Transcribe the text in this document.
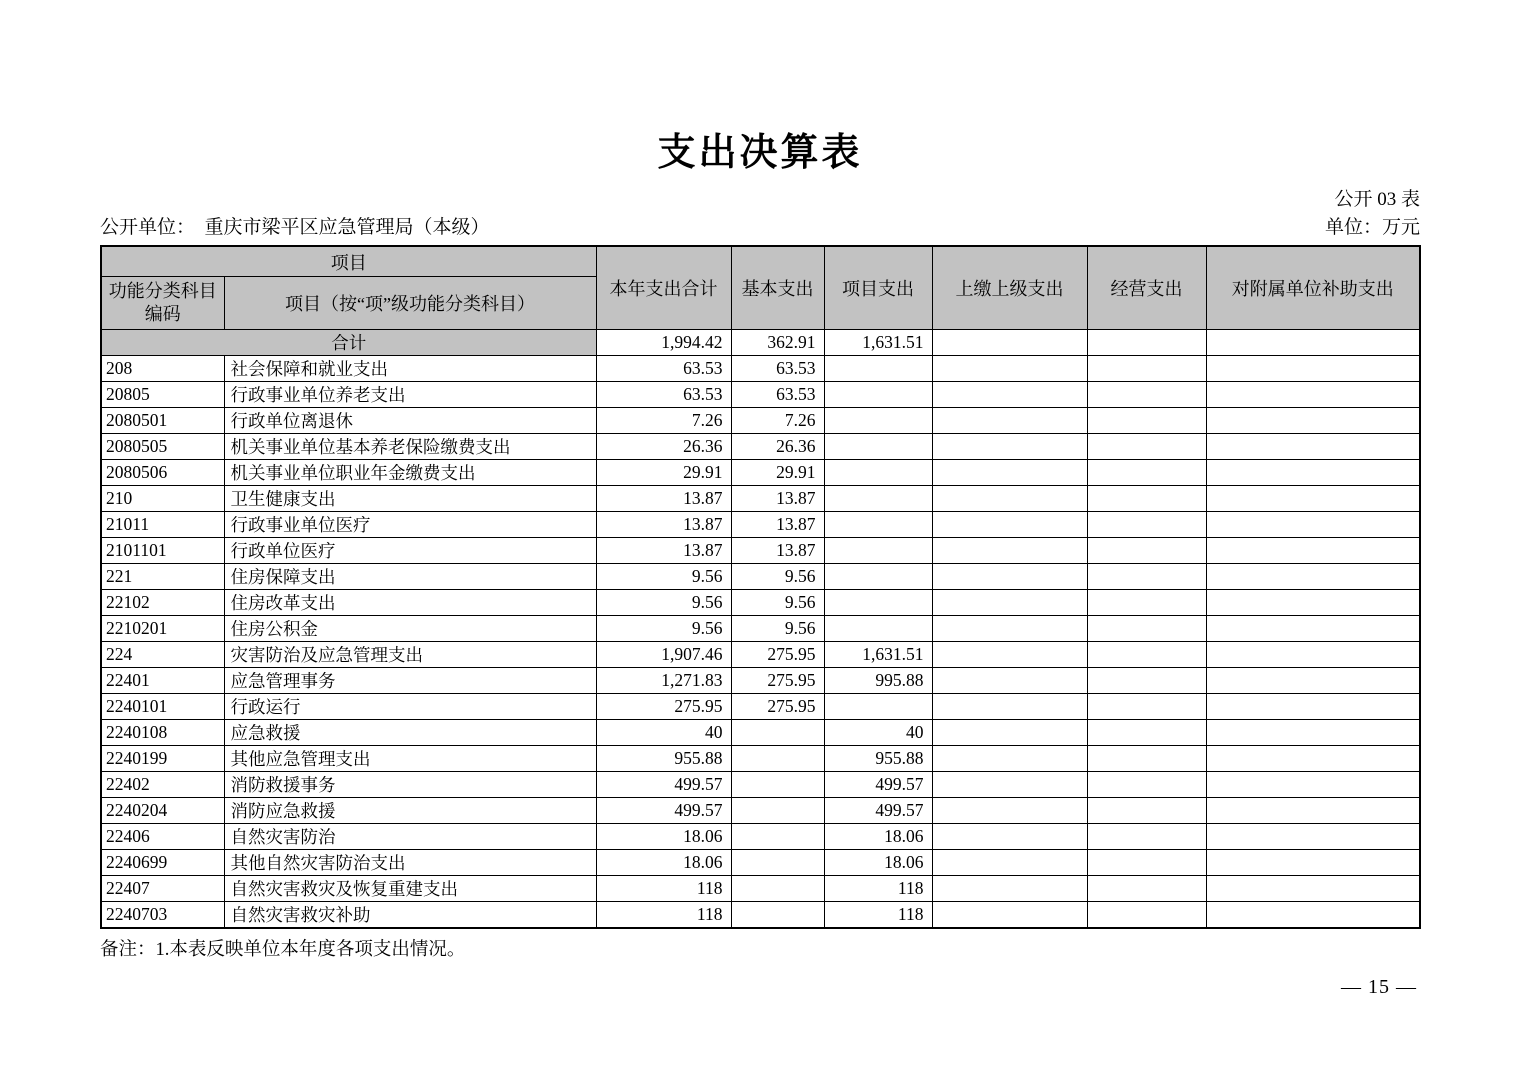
支出决算表
公开 03 表
公开单位： 重庆市梁平区应急管理局（本级）	单位：万元
项目		本年支出合计	基本支出	项目支出	上缴上级支出	经营支出	对附属单位补助支出
功能分类科目 编码	项目（按“项”级功能分类科目）						
合计		1,994.42	362.91	1,631.51			
208	社会保障和就业支出	63.53	63.53				
20805	行政事业单位养老支出	63.53	63.53				
2080501	行政单位离退休	7.26	7.26				
2080505	机关事业单位基本养老保险缴费支出	26.36	26.36				
2080506	机关事业单位职业年金缴费支出	29.91	29.91				
210	卫生健康支出	13.87	13.87				
21011	行政事业单位医疗	13.87	13.87				
2101101	行政单位医疗	13.87	13.87				
221	住房保障支出	9.56	9.56				
22102	住房改革支出	9.56	9.56				
2210201	住房公积金	9.56	9.56				
224	灾害防治及应急管理支出	1,907.46	275.95	1,631.51			
22401	应急管理事务	1,271.83	275.95	995.88			
2240101	行政运行	275.95	275.95				
2240108	应急救援	40		40			
2240199	其他应急管理支出	955.88		955.88			
22402	消防救援事务	499.57		499.57			
2240204	消防应急救援	499.57		499.57			
22406	自然灾害防治	18.06		18.06			
2240699	其他自然灾害防治支出	18.06		18.06			
22407	自然灾害救灾及恢复重建支出	118		118			
2240703	自然灾害救灾补助	118		118			
备注：1.本表反映单位本年度各项支出情况。
— 15 —
